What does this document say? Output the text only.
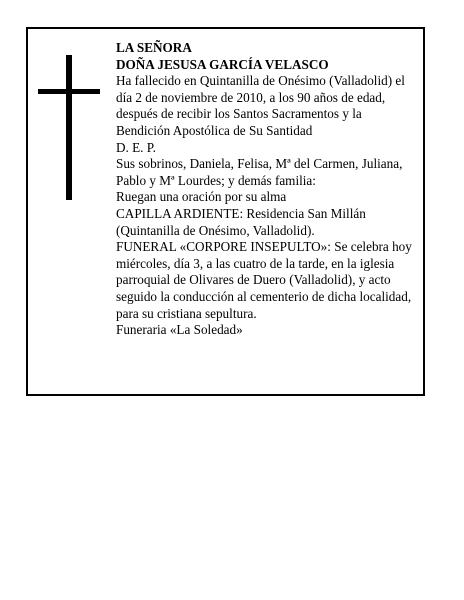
LA SEÑORA
DOÑA JESUSA GARCÍA VELASCO
Ha fallecido en Quintanilla de Onésimo (Valladolid) el
día 2 de noviembre de 2010, a los 90 años de edad,
después de recibir los Santos Sacramentos y la
Bendición Apostólica de Su Santidad
D. E. P.
Sus sobrinos, Daniela, Felisa, Mª del Carmen, Juliana,
Pablo y Mª Lourdes; y demás familia:
Ruegan una oración por su alma
CAPILLA ARDIENTE: Residencia San Millán
(Quintanilla de Onésimo, Valladolid).
FUNERAL «CORPORE INSEPULTO»: Se celebra hoy
miércoles, día 3, a las cuatro de la tarde, en la iglesia
parroquial de Olivares de Duero (Valladolid), y acto
seguido la conducción al cementerio de dicha localidad,
para su cristiana sepultura.
Funeraria «La Soledad»
